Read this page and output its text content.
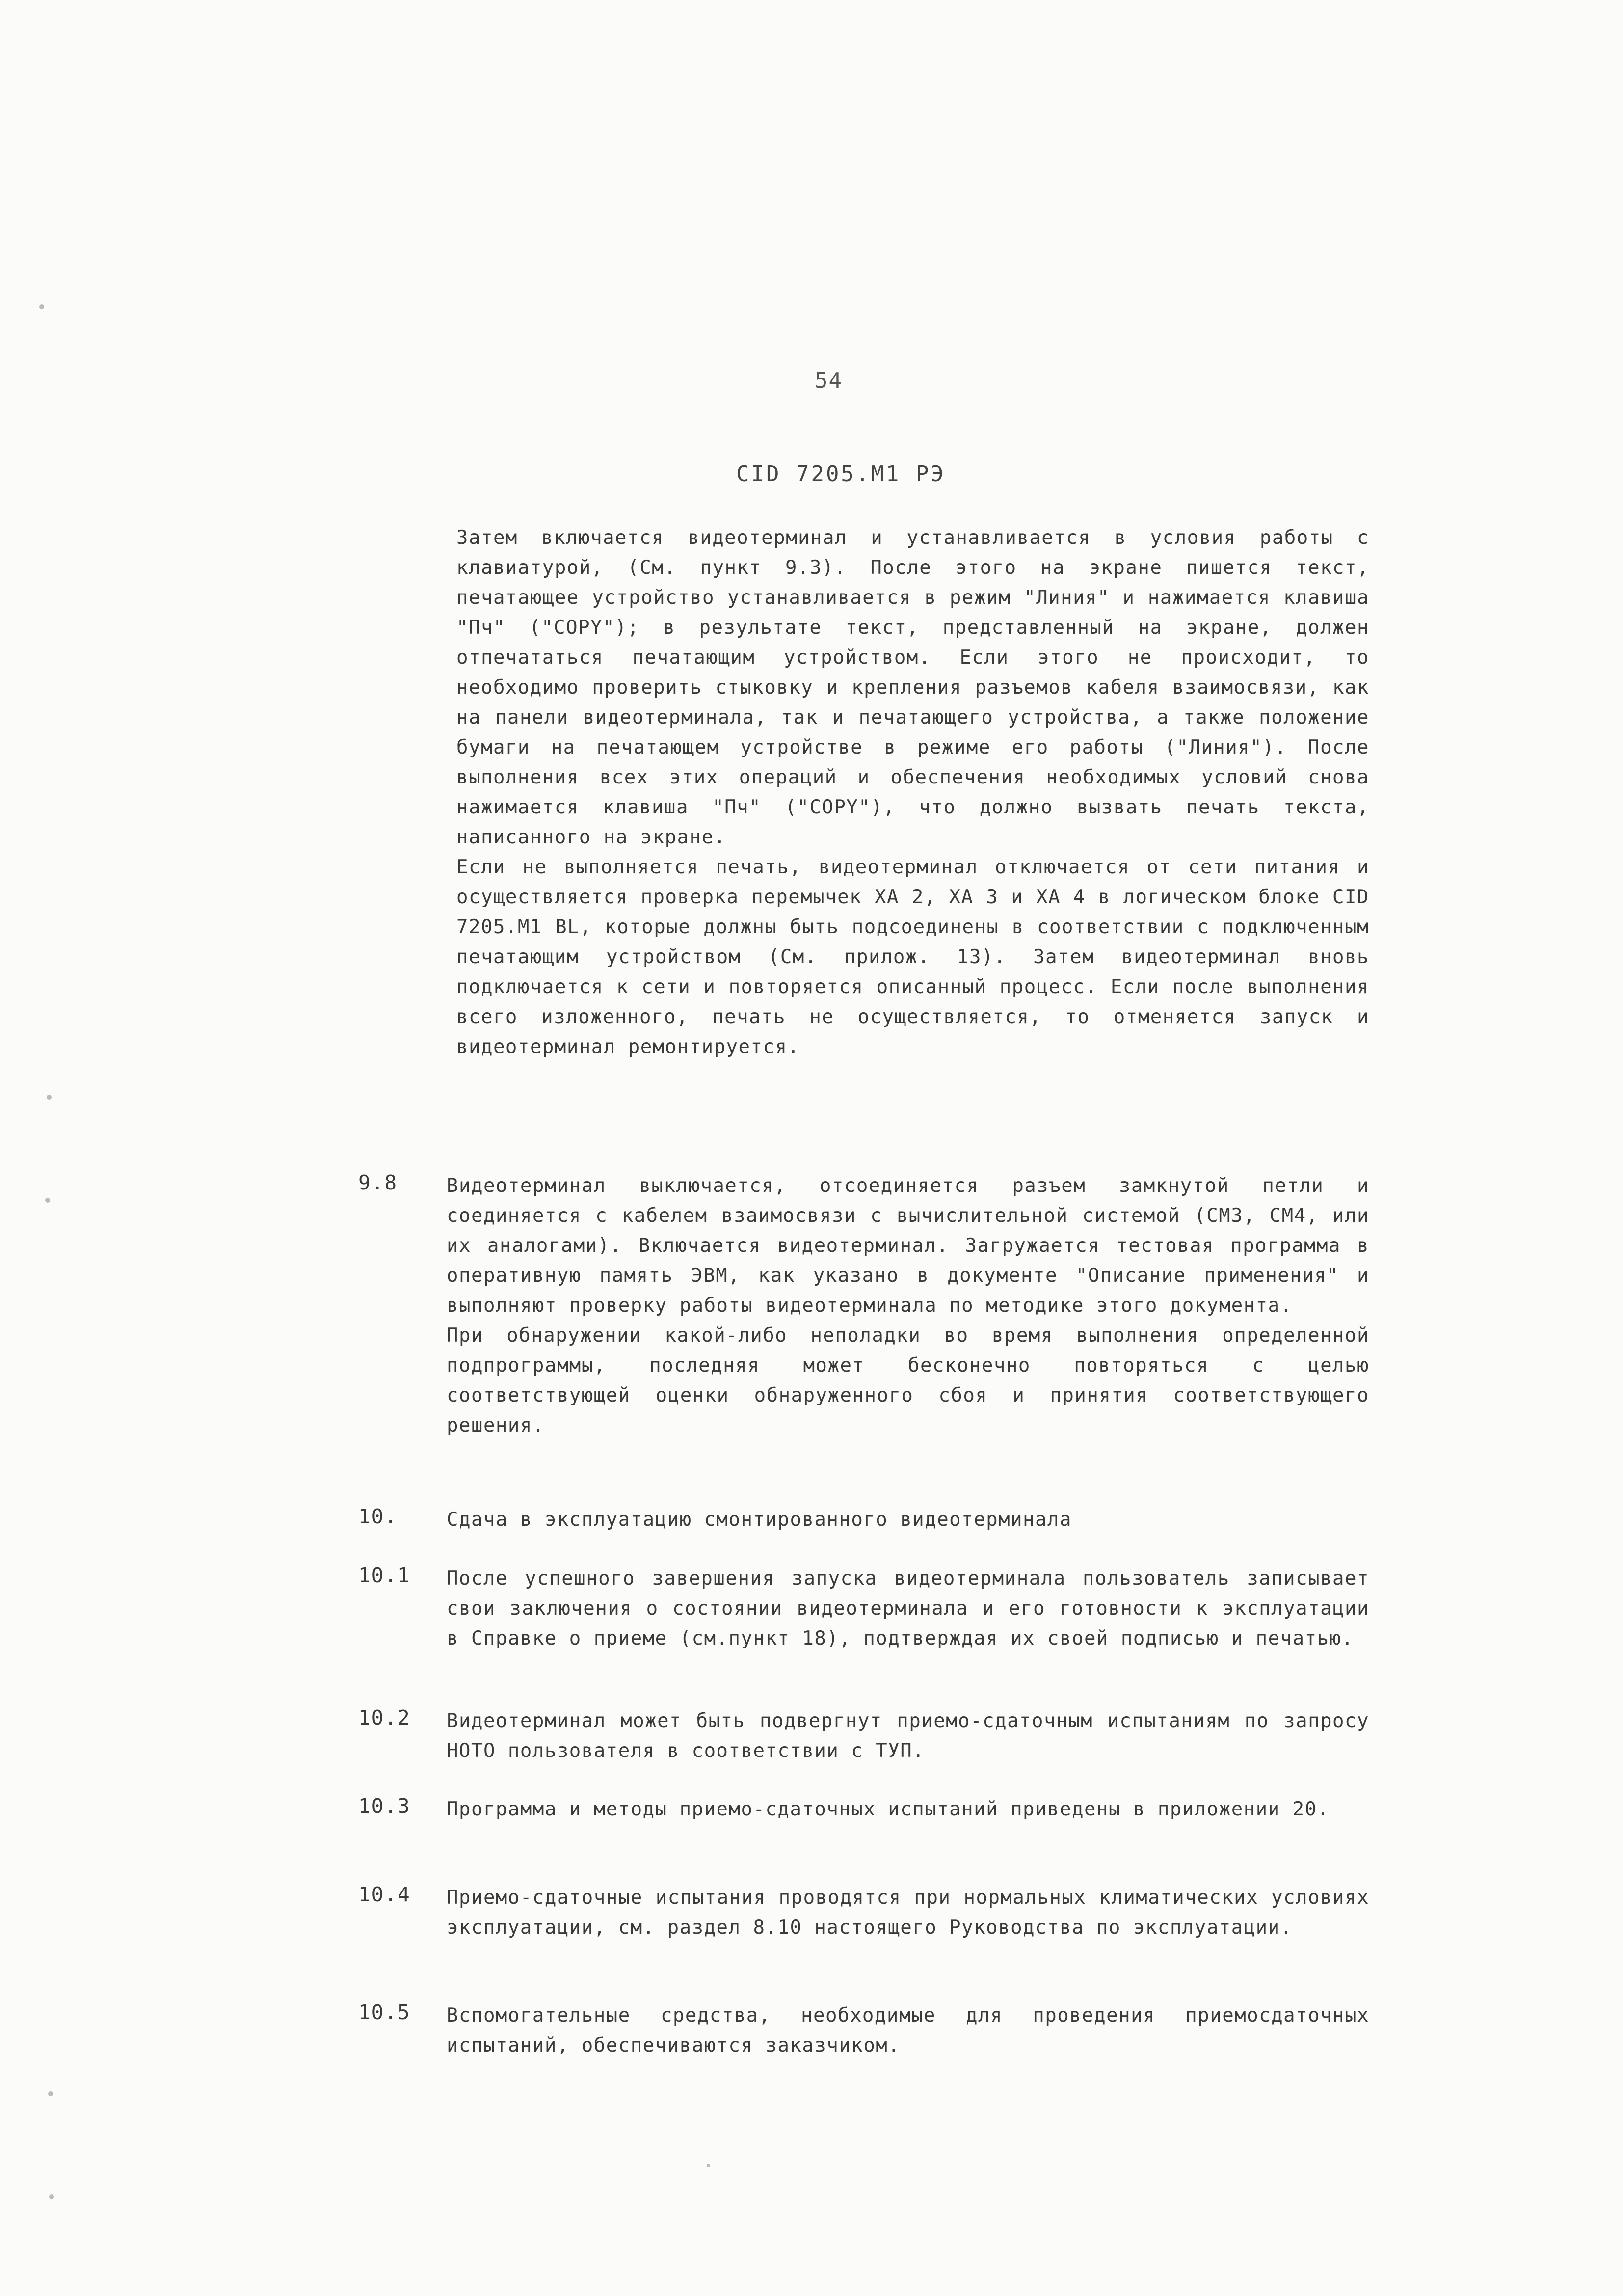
54
CID 7205.M1 РЭ

Затем включается видеотерминал и устанавливается в условия работы с клавиатурой, (См. пункт 9.3). После этого на экране пишется текст, печатающее устройство устанавливается в режим "Линия" и нажимается клавиша "Пч" ("COPY"); в результате текст, представленный на экране, должен отпечататься печатающим устройством. Если этого не происходит, то необходимо проверить стыковку и крепления разъемов кабеля взаимосвязи, как на панели видеотерминала, так и печатающего устройства, а также положение бумаги на печатающем устройстве в режиме его работы ("Линия"). После выполнения всех этих операций и обеспечения необходимых условий снова нажимается клавиша "Пч" ("COPY"), что должно вызвать печать текста, написанного на экране.

Если не выполняется печать, видеотерминал отключается от сети питания и осуществляется проверка перемычек ХА 2, ХА 3 и ХА 4 в логическом блоке CID 7205.M1 BL, которые должны быть подсоединены в соответствии с подключенным печатающим устройством (См. прилож. 13). Затем видеотерминал вновь подключается к сети и повторяется описанный процесс. Если после выполнения всего изложенного, печать не осуществляется, то отменяется запуск и видеотерминал ремонтируется.

9.8	Видеотерминал выключается, отсоединяется разъем замкнутой петли и соединяется с кабелем взаимосвязи с вычислительной системой (СМ3, СМ4, или их аналогами). Включается видеотерминал. Загружается тестовая программа в оперативную память ЭВМ, как указано в документе "Описание применения" и выполняют проверку работы видеотерминала по методике этого документа.

При обнаружении какой-либо неполадки во время выполнения определенной подпрограммы, последняя может бесконечно повторяться с целью соответствующей оценки обнаруженного сбоя и принятия соответствующего решения.

10.	Сдача в эксплуатацию смонтированного видеотерминала

10.1	После успешного завершения запуска видеотерминала пользователь записывает свои заключения о состоянии видеотерминала и его готовности к эксплуатации в Справке о приеме (см.пункт 18), подтверждая их своей подписью и печатью.

10.2	Видеотерминал может быть подвергнут приемо-сдаточным испытаниям по запросу НОТО пользователя в соответствии с ТУП.

10.3	Программа и методы приемо-сдаточных испытаний приведены в приложении 20.

10.4	Приемо-сдаточные испытания проводятся при нормальных климатических условиях эксплуатации, см. раздел 8.10 настоящего Руководства по эксплуатации.

10.5	Вспомогательные средства, необходимые для проведения приемосдаточных испытаний, обеспечиваются заказчиком.
